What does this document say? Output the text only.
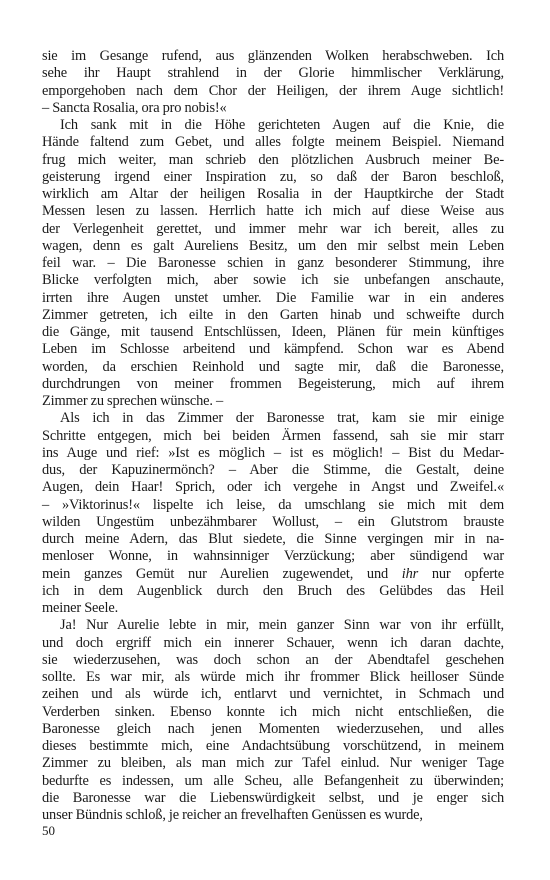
sie im Gesange rufend, aus glänzenden Wolken herabschweben. Ich
sehe ihr Haupt strahlend in der Glorie himmlischer Verklärung,
emporgehoben nach dem Chor der Heiligen, der ihrem Auge sichtlich!
– Sancta Rosalia, ora pro nobis!«

Ich sank mit in die Höhe gerichteten Augen auf die Knie, die
Hände faltend zum Gebet, und alles folgte meinem Beispiel. Niemand
frug mich weiter, man schrieb den plötzlichen Ausbruch meiner Be-
geisterung irgend einer Inspiration zu, so daß der Baron beschloß,
wirklich am Altar der heiligen Rosalia in der Hauptkirche der Stadt
Messen lesen zu lassen. Herrlich hatte ich mich auf diese Weise aus
der Verlegenheit gerettet, und immer mehr war ich bereit, alles zu
wagen, denn es galt Aureliens Besitz, um den mir selbst mein Leben
feil war. – Die Baronesse schien in ganz besonderer Stimmung, ihre
Blicke verfolgten mich, aber sowie ich sie unbefangen anschaute,
irrten ihre Augen unstet umher. Die Familie war in ein anderes
Zimmer getreten, ich eilte in den Garten hinab und schweifte durch
die Gänge, mit tausend Entschlüssen, Ideen, Plänen für mein künftiges
Leben im Schlosse arbeitend und kämpfend. Schon war es Abend
worden, da erschien Reinhold und sagte mir, daß die Baronesse,
durchdrungen von meiner frommen Begeisterung, mich auf ihrem
Zimmer zu sprechen wünsche. –

Als ich in das Zimmer der Baronesse trat, kam sie mir einige
Schritte entgegen, mich bei beiden Ärmen fassend, sah sie mir starr
ins Auge und rief: »Ist es möglich – ist es möglich! – Bist du Medar-
dus, der Kapuzinermönch? – Aber die Stimme, die Gestalt, deine
Augen, dein Haar! Sprich, oder ich vergehe in Angst und Zweifel.«
– »Viktorinus!« lispelte ich leise, da umschlang sie mich mit dem
wilden Ungestüm unbezähmbarer Wollust, – ein Glutstrom brauste
durch meine Adern, das Blut siedete, die Sinne vergingen mir in na-
menloser Wonne, in wahnsinniger Verzückung; aber sündigend war
mein ganzes Gemüt nur Aurelien zugewendet, und ihr nur opferte
ich in dem Augenblick durch den Bruch des Gelübdes das Heil
meiner Seele.

Ja! Nur Aurelie lebte in mir, mein ganzer Sinn war von ihr erfüllt,
und doch ergriff mich ein innerer Schauer, wenn ich daran dachte,
sie wiederzusehen, was doch schon an der Abendtafel geschehen
sollte. Es war mir, als würde mich ihr frommer Blick heilloser Sünde
zeihen und als würde ich, entlarvt und vernichtet, in Schmach und
Verderben sinken. Ebenso konnte ich mich nicht entschließen, die
Baronesse gleich nach jenen Momenten wiederzusehen, und alles
dieses bestimmte mich, eine Andachtsübung vorschützend, in meinem
Zimmer zu bleiben, als man mich zur Tafel einlud. Nur weniger Tage
bedurfte es indessen, um alle Scheu, alle Befangenheit zu überwinden;
die Baronesse war die Liebenswürdigkeit selbst, und je enger sich
unser Bündnis schloß, je reicher an frevelhaften Genüssen es wurde,

50
